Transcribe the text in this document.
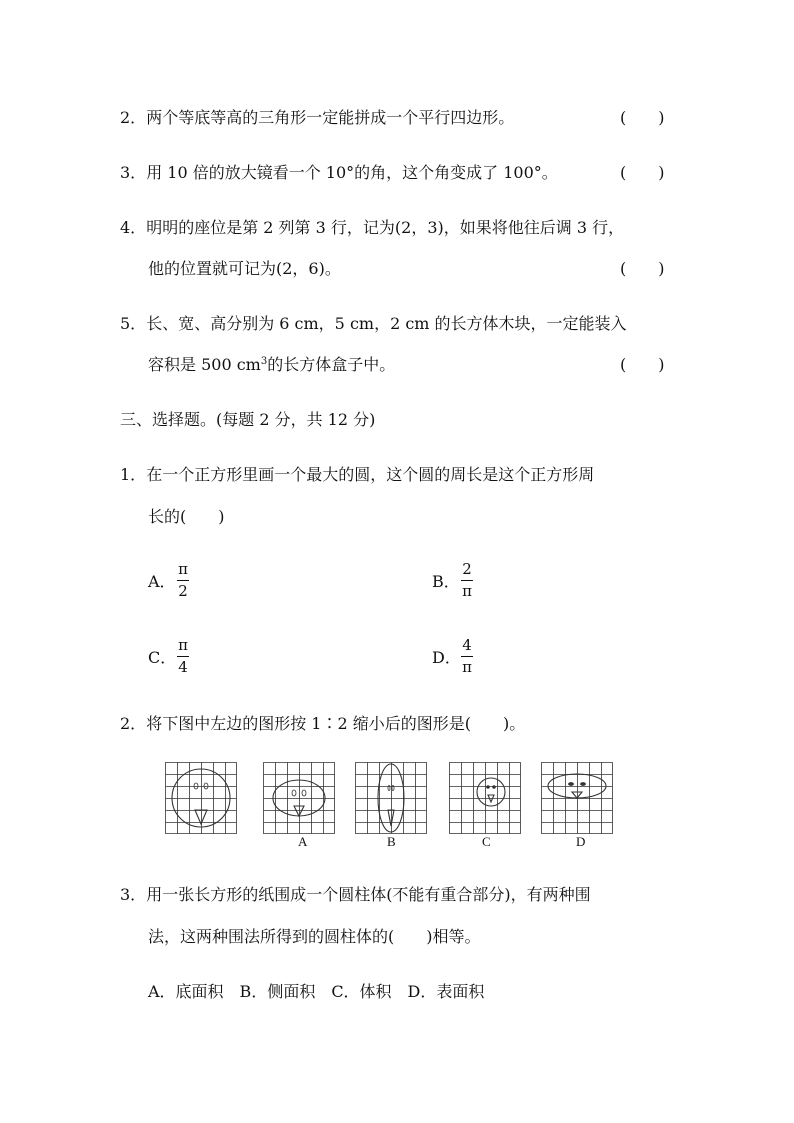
2．两个等底等高的三角形一定能拼成一个平行四边形。	(　　)
3．用 10 倍的放大镜看一个 10°的角，这个角变成了 100°。	(　　)
4．明明的座位是第 2 列第 3 行，记为(2，3)，如果将他往后调 3 行，
他的位置就可记为(2，6)。	(　　)
5．长、宽、高分别为 6 cm，5 cm，2 cm 的长方体木块，一定能装入
容积是 500 $cm^3$的长方体盒子中。	(　　)
三、选择题。(每题 2 分，共 12 分)
1．在一个正方形里画一个最大的圆，这个圆的周长是这个正方形周
长的(　　)
A．
π
2	B．
2
π
C．
π
4	D．
4
π
2．将下图中左边的图形按 1∶2 缩小后的图形是(　　)。
A	B	C	D
3．用一张长方形的纸围成一个圆柱体(不能有重合部分)，有两种围
法，这两种围法所得到的圆柱体的(　　)相等。
A．底面积　B．侧面积　C．体积　D．表面积
